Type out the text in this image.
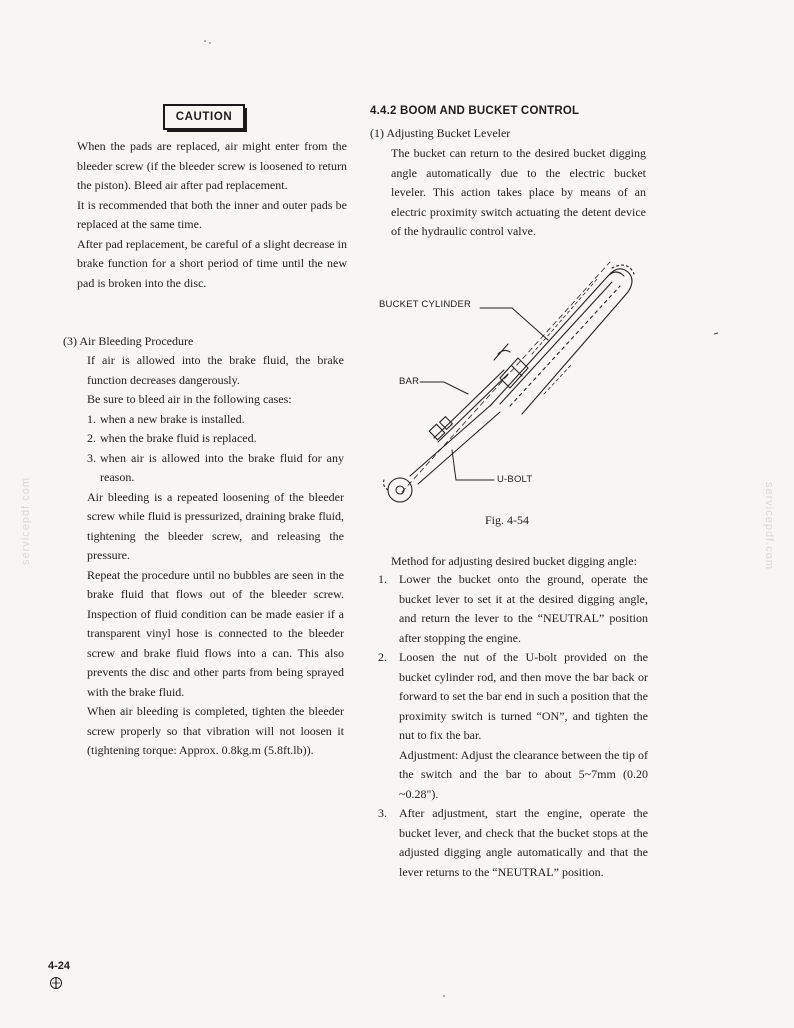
CAUTION

When the pads are replaced, air might enter from the bleeder screw (if the bleeder screw is loosened to return the piston). Bleed air after pad replacement.

It is recommended that both the inner and outer pads be replaced at the same time.

After pad replacement, be careful of a slight decrease in brake function for a short period of time until the new pad is broken into the disc.

(3) Air Bleeding Procedure

If air is allowed into the brake fluid, the brake function decreases dangerously.

Be sure to bleed air in the following cases:

1. when a new brake is installed.
2. when the brake fluid is replaced.
3. when air is allowed into the brake fluid for any reason.

Air bleeding is a repeated loosening of the bleeder screw while fluid is pressurized, draining brake fluid, tightening the bleeder screw, and releasing the pressure.

Repeat the procedure until no bubbles are seen in the brake fluid that flows out of the bleeder screw. Inspection of fluid condition can be made easier if a transparent vinyl hose is connected to the bleeder screw and brake fluid flows into a can. This also prevents the disc and other parts from being sprayed with the brake fluid.

When air bleeding is completed, tighten the bleeder screw properly so that vibration will not loosen it (tightening torque: Approx. 0.8kg.m (5.8ft.lb)).

4.4.2 BOOM AND BUCKET CONTROL
(1) Adjusting Bucket Leveler

The bucket can return to the desired bucket digging angle automatically due to the electric bucket leveler. This action takes place by means of an electric proximity switch actuating the detent device of the hydraulic control valve.

BUCKET CYLINDER
BAR
U-BOLT
Fig. 4-54
Method for adjusting desired bucket digging angle:
1.	Lower the bucket onto the ground, operate the bucket lever to set it at the desired digging angle, and return the lever to the “NEUTRAL” position after stopping the engine.

2.	Loosen the nut of the U-bolt provided on the bucket cylinder rod, and then move the bar back or forward to set the bar end in such a position that the proximity switch is turned “ON”, and tighten the nut to fix the bar.

Adjustment: Adjust the clearance between the tip of the switch and the bar to about 5~7mm (0.20 ~0.28").

3.	After adjustment, start the engine, operate the bucket lever, and check that the bucket stops at the adjusted digging angle automatically and that the lever returns to the “NEUTRAL” position.

4-24
servicepdf.com	servicepdf.com
